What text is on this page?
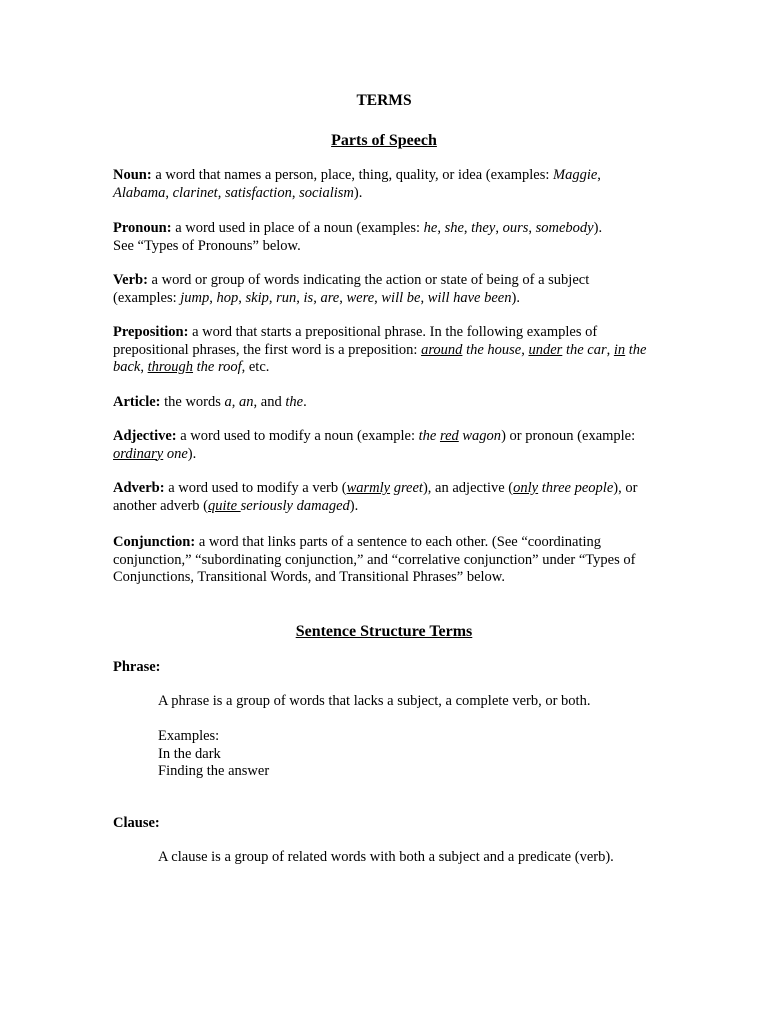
TERMS
Parts of Speech
Noun: a word that names a person, place, thing, quality, or idea (examples: Maggie, Alabama, clarinet, satisfaction, socialism).
Pronoun: a word used in place of a noun (examples: he, she, they, ours, somebody).
See “Types of Pronouns” below.
Verb: a word or group of words indicating the action or state of being of a subject
(examples: jump, hop, skip, run, is, are, were, will be, will have been).
Preposition: a word that starts a prepositional phrase. In the following examples of prepositional phrases, the first word is a preposition: around the house, under the car, in the back, through the roof, etc.
Article: the words a, an, and the.
Adjective: a word used to modify a noun (example: the red wagon) or pronoun (example: ordinary one).
Adverb: a word used to modify a verb (warmly greet), an adjective (only three people), or another adverb (quite seriously damaged).
Conjunction: a word that links parts of a sentence to each other. (See “coordinating conjunction,” “subordinating conjunction,” and “correlative conjunction” under “Types of Conjunctions, Transitional Words, and Transitional Phrases” below.
Sentence Structure Terms
Phrase:
A phrase is a group of words that lacks a subject, a complete verb, or both.
Examples:
In the dark
Finding the answer
Clause:
A clause is a group of related words with both a subject and a predicate (verb).
